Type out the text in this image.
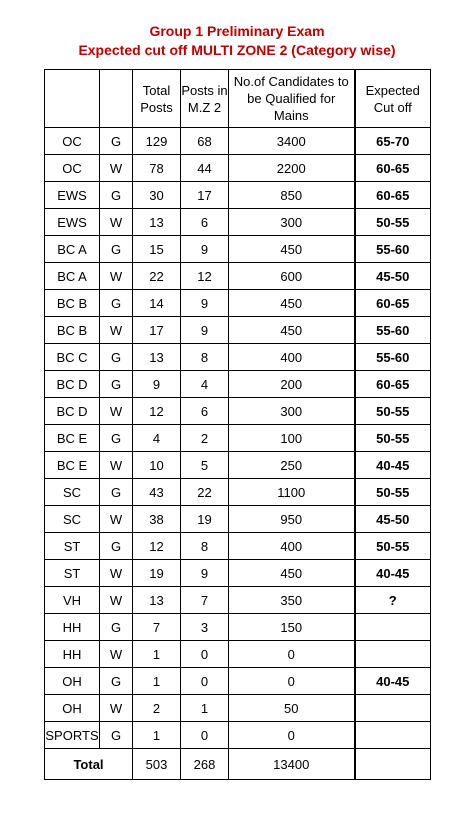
Group 1 Preliminary Exam
Expected cut off MULTI ZONE 2 (Category wise)
		Total Posts	Posts in M.Z 2	No.of Candidates to be Qualified for Mains	Expected Cut off
OC	G	129	68	3400	65-70
OC	W	78	44	2200	60-65
EWS	G	30	17	850	60-65
EWS	W	13	6	300	50-55
BC A	G	15	9	450	55-60
BC A	W	22	12	600	45-50
BC B	G	14	9	450	60-65
BC B	W	17	9	450	55-60
BC C	G	13	8	400	55-60
BC D	G	9	4	200	60-65
BC D	W	12	6	300	50-55
BC E	G	4	2	100	50-55
BC E	W	10	5	250	40-45
SC	G	43	22	1100	50-55
SC	W	38	19	950	45-50
ST	G	12	8	400	50-55
ST	W	19	9	450	40-45
VH	W	13	7	350	?
HH	G	7	3	150	
HH	W	1	0	0	
OH	G	1	0	0	40-45
OH	W	2	1	50	
SPORTS	G	1	0	0	
Total		503	268	13400	
